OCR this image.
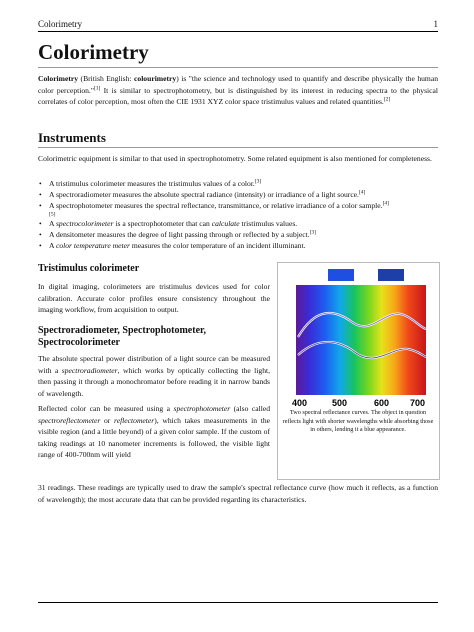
Colorimetry	1
Colorimetry

Colorimetry (British English: colourimetry) is "the science and technology used to quantify and describe physically the human color perception."[1] It is similar to spectrophotometry, but is distinguished by its interest in reducing spectra to the physical correlates of color perception, most often the CIE 1931 XYZ color space tristimulus values and related quantities.[2]

Instruments

Colorimetric equipment is similar to that used in spectrophotometry. Some related equipment is also mentioned for completeness.

• A tristimulus colorimeter measures the tristimulus values of a color.[3]
• A spectroradiometer measures the absolute spectral radiance (intensity) or irradiance of a light source.[4]
• A spectrophotometer measures the spectral reflectance, transmittance, or relative irradiance of a color sample.[4]
[5]
• A spectrocolorimeter is a spectrophotometer that can calculate tristimulus values.
• A densitometer measures the degree of light passing through or reflected by a subject.[3]
• A color temperature meter measures the color temperature of an incident illuminant.
Tristimulus colorimeter

In digital imaging, colorimeters are tristimulus devices used for color calibration. Accurate color profiles ensure consistency throughout the imaging workflow, from acquisition to output.

Spectroradiometer, Spectrophotometer,
Spectrocolorimeter

The absolute spectral power distribution of a light source can be measured with a spectroradiometer, which works by optically collecting the light, then passing it through a monochromator before reading it in narrow bands of wavelength.

Reflected color can be measured using a spectrophotometer (also called spectroreflectometer or reflectometer), which takes measurements in the visible region (and a little beyond) of a given color sample. If the custom of taking readings at 10 nanometer increments is followed, the visible light range of 400-700nm will yield

31 readings. These readings are typically used to draw the sample's spectral reflectance curve (how much it reflects, as a function of wavelength); the most accurate data that can be provided regarding its characteristics.

400	500	600 700
Two spectral reflectance curves. The object in question reflects light with shorter wavelengths while absorbing those in others, lending it a blue appearance.
